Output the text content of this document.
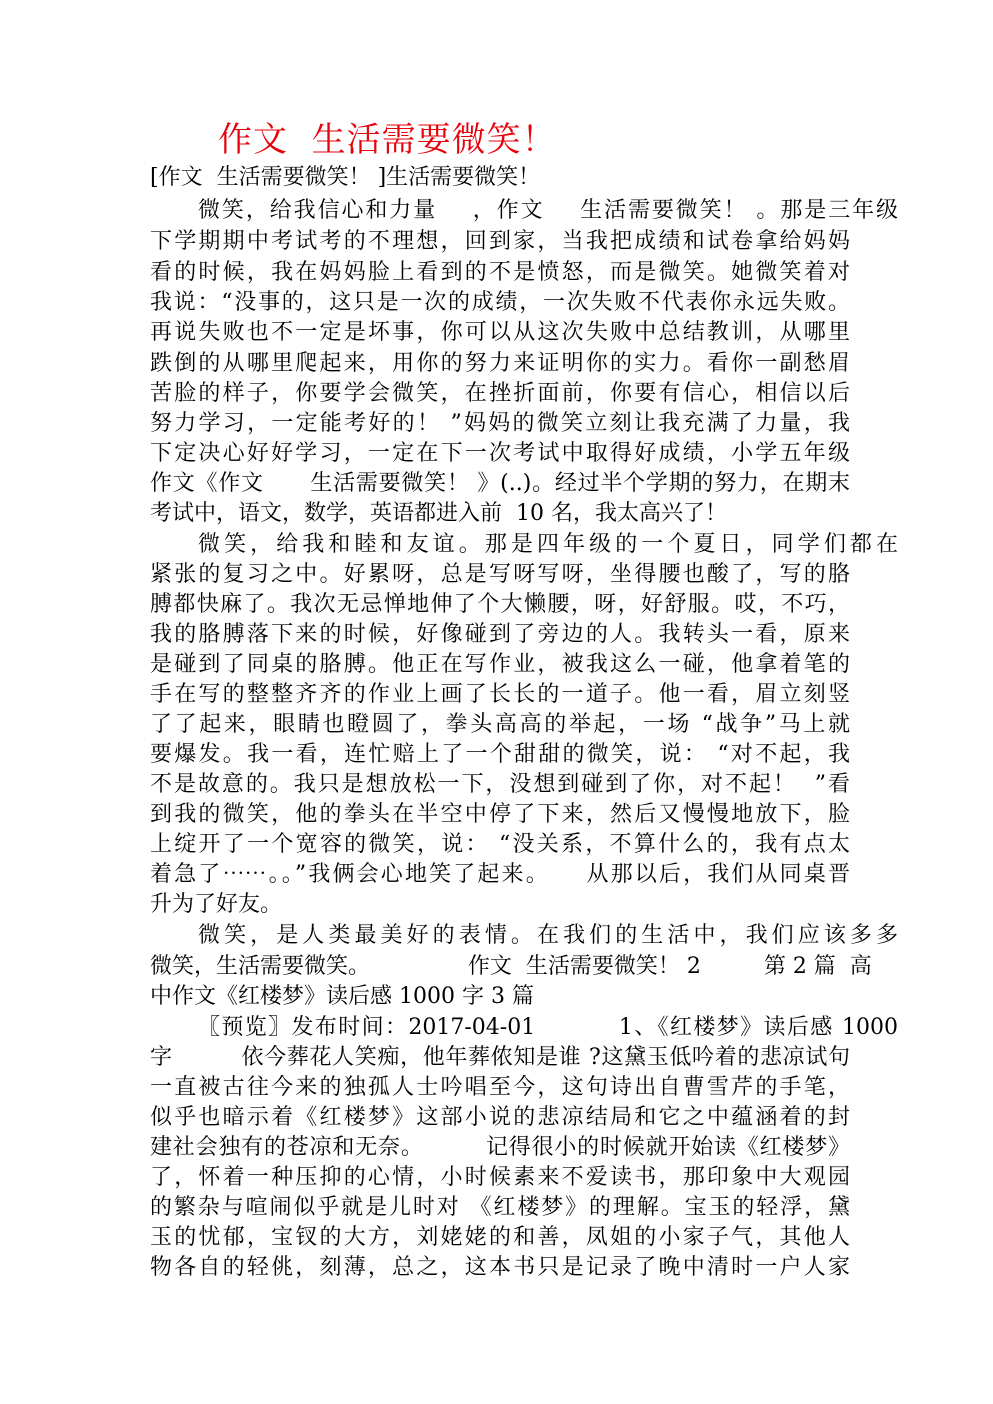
作文  生活需要微笑！
[作文  生活需要微笑！ ]生活需要微笑！
微笑，给我信心和力量    ，作文    生活需要微笑！ 。那是三年级
下学期期中考试考的不理想，回到家，当我把成绩和试卷拿给妈妈
看的时候，我在妈妈脸上看到的不是愤怒，而是微笑。她微笑着对
我说：“没事的，这只是一次的成绩，一次失败不代表你永远失败。
再说失败也不一定是坏事，你可以从这次失败中总结教训，从哪里
跌倒的从哪里爬起来，用你的努力来证明你的实力。看你一副愁眉
苦脸的样子，你要学会微笑，在挫折面前，你要有信心，相信以后
努力学习，一定能考好的！ ”妈妈的微笑立刻让我充满了力量，我
下定决心好好学习，一定在下一次考试中取得好成绩，小学五年级
作文《作文      生活需要微笑！ 》(..)。经过半个学期的努力，在期末
考试中，语文，数学，英语都进入前  10 名，我太高兴了！
微笑，给我和睦和友谊。那是四年级的一个夏日，同学们都在
紧张的复习之中。好累呀，总是写呀写呀，坐得腰也酸了，写的胳
膊都快麻了。我次无忌惮地伸了个大懒腰，呀，好舒服。哎，不巧，
我的胳膊落下来的时候，好像碰到了旁边的人。我转头一看，原来
是碰到了同桌的胳膊。他正在写作业，被我这么一碰，他拿着笔的
手在写的整整齐齐的作业上画了长长的一道子。他一看，眉立刻竖
了了起来，眼睛也瞪圆了，拳头高高的举起，一场 “战争”马上就
要爆发。我一看，连忙赔上了一个甜甜的微笑，说： “对不起，我
不是故意的。我只是想放松一下，没想到碰到了你，对不起！  ”看
到我的微笑，他的拳头在半空中停了下来，然后又慢慢地放下，脸
上绽开了一个宽容的微笑，说： “没关系，不算什么的，我有点太
着急了⋯⋯。。”我俩会心地笑了起来。    从那以后，我们从同桌晋
升为了好友。
微笑，是人类最美好的表情。在我们的生活中，我们应该多多
微笑，生活需要微笑。              作文  生活需要微笑！ 2         第 2 篇  高
中作文《红楼梦》读后感 1000 字 3 篇
〖预览〗发布时间：2017-04-01          1、《红楼梦》读后感 1000
字         依今葬花人笑痴，他年葬侬知是谁 ?这黛玉低吟着的悲凉试句
一直被古往今来的独孤人士吟唱至今，这句诗出自曹雪芹的手笔，
似乎也暗示着《红楼梦》这部小说的悲凉结局和它之中蕴涵着的封
建社会独有的苍凉和无奈。        记得很小的时候就开始读《红楼梦》
了，怀着一种压抑的心情，小时候素来不爱读书，那印象中大观园
的繁杂与喧闹似乎就是儿时对 《红楼梦》的理解。宝玉的轻浮，黛
玉的忧郁，宝钗的大方，刘姥姥的和善，凤姐的小家子气，其他人
物各自的轻佻，刻薄，总之，这本书只是记录了晚中清时一户人家
